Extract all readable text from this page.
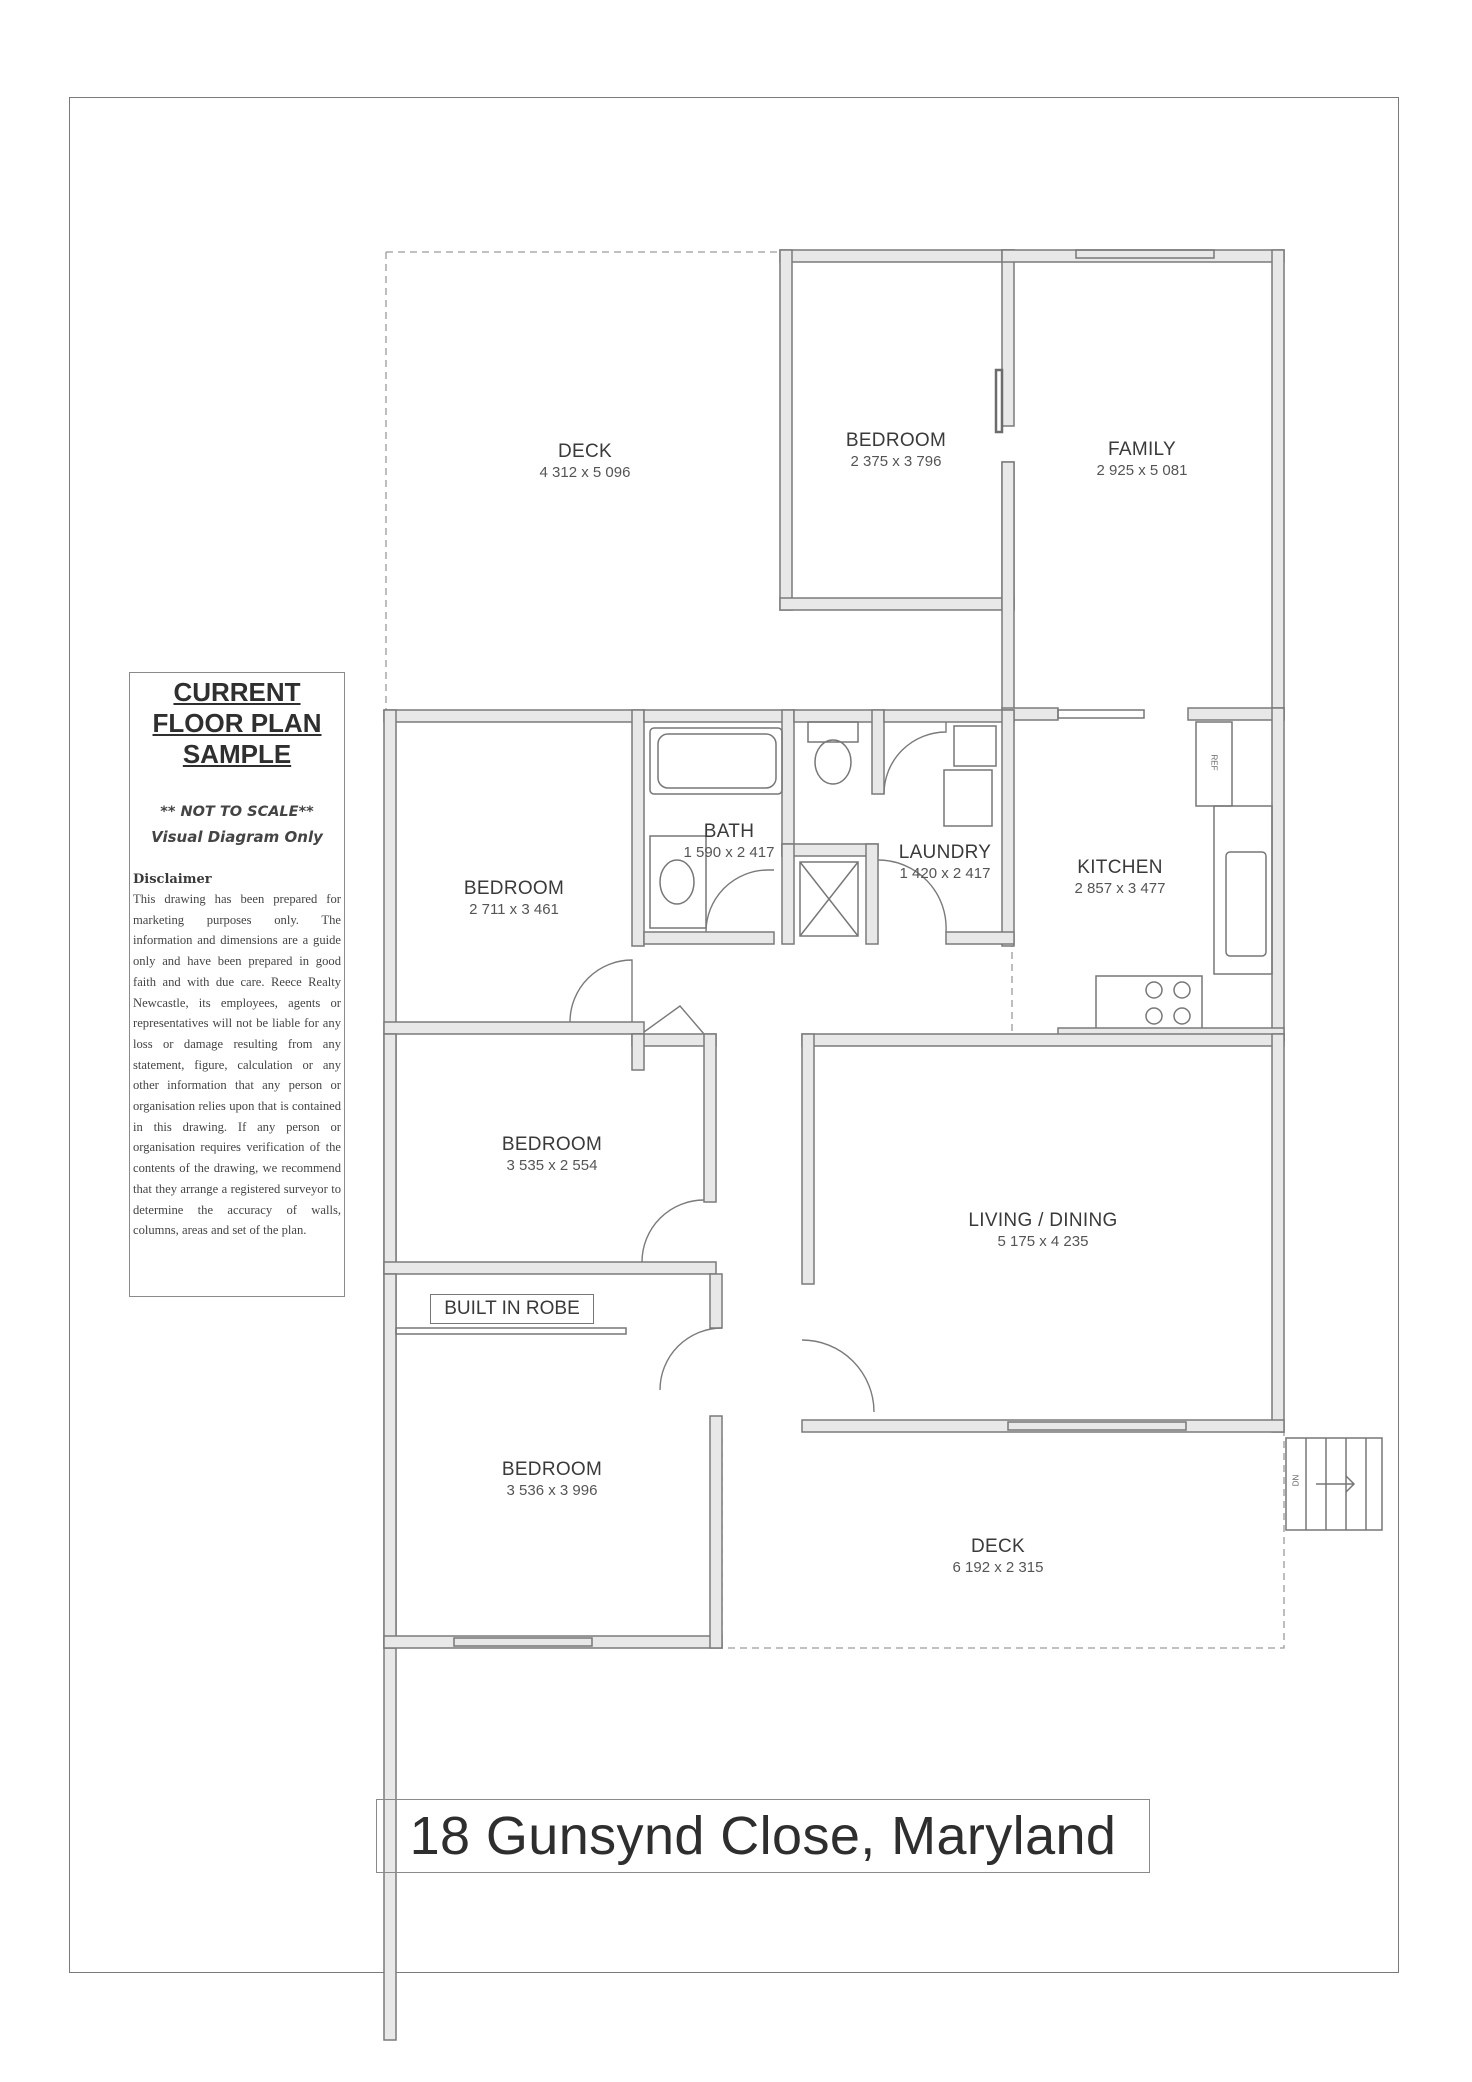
DECK
4 312 x 5 096
BEDROOM
2 375 x 3 796
FAMILY
2 925 x 5 081
BATH
1 590 x 2 417	LAUNDRY
1 420 x 2 417	KITCHEN
2 857 x 3 477
BEDROOM
2 711 x 3 461
BEDROOM
3 535 x 2 554
LIVING / DINING
5 175 x 4 235
BEDROOM
3 536 x 3 996
DECK
6 192 x 2 315
BUILT IN ROBE
REF
DN
CURRENT
FLOOR PLAN
SAMPLE
** NOT TO SCALE**
Visual Diagram Only
Disclaimer
This drawing has been prepared for marketing purposes only. The information and dimensions are a guide only and have been prepared in good faith and with due care. Reece Realty Newcastle, its employees, agents or representatives will not be liable for any loss or damage resulting from any statement, figure, calculation or any other information that any person or organisation relies upon that is contained in this drawing. If any person or organisation requires verification of the contents of the drawing, we recommend that they arrange a registered surveyor to determine the accuracy of walls, columns, areas and set of the plan.
18 Gunsynd Close, Maryland
